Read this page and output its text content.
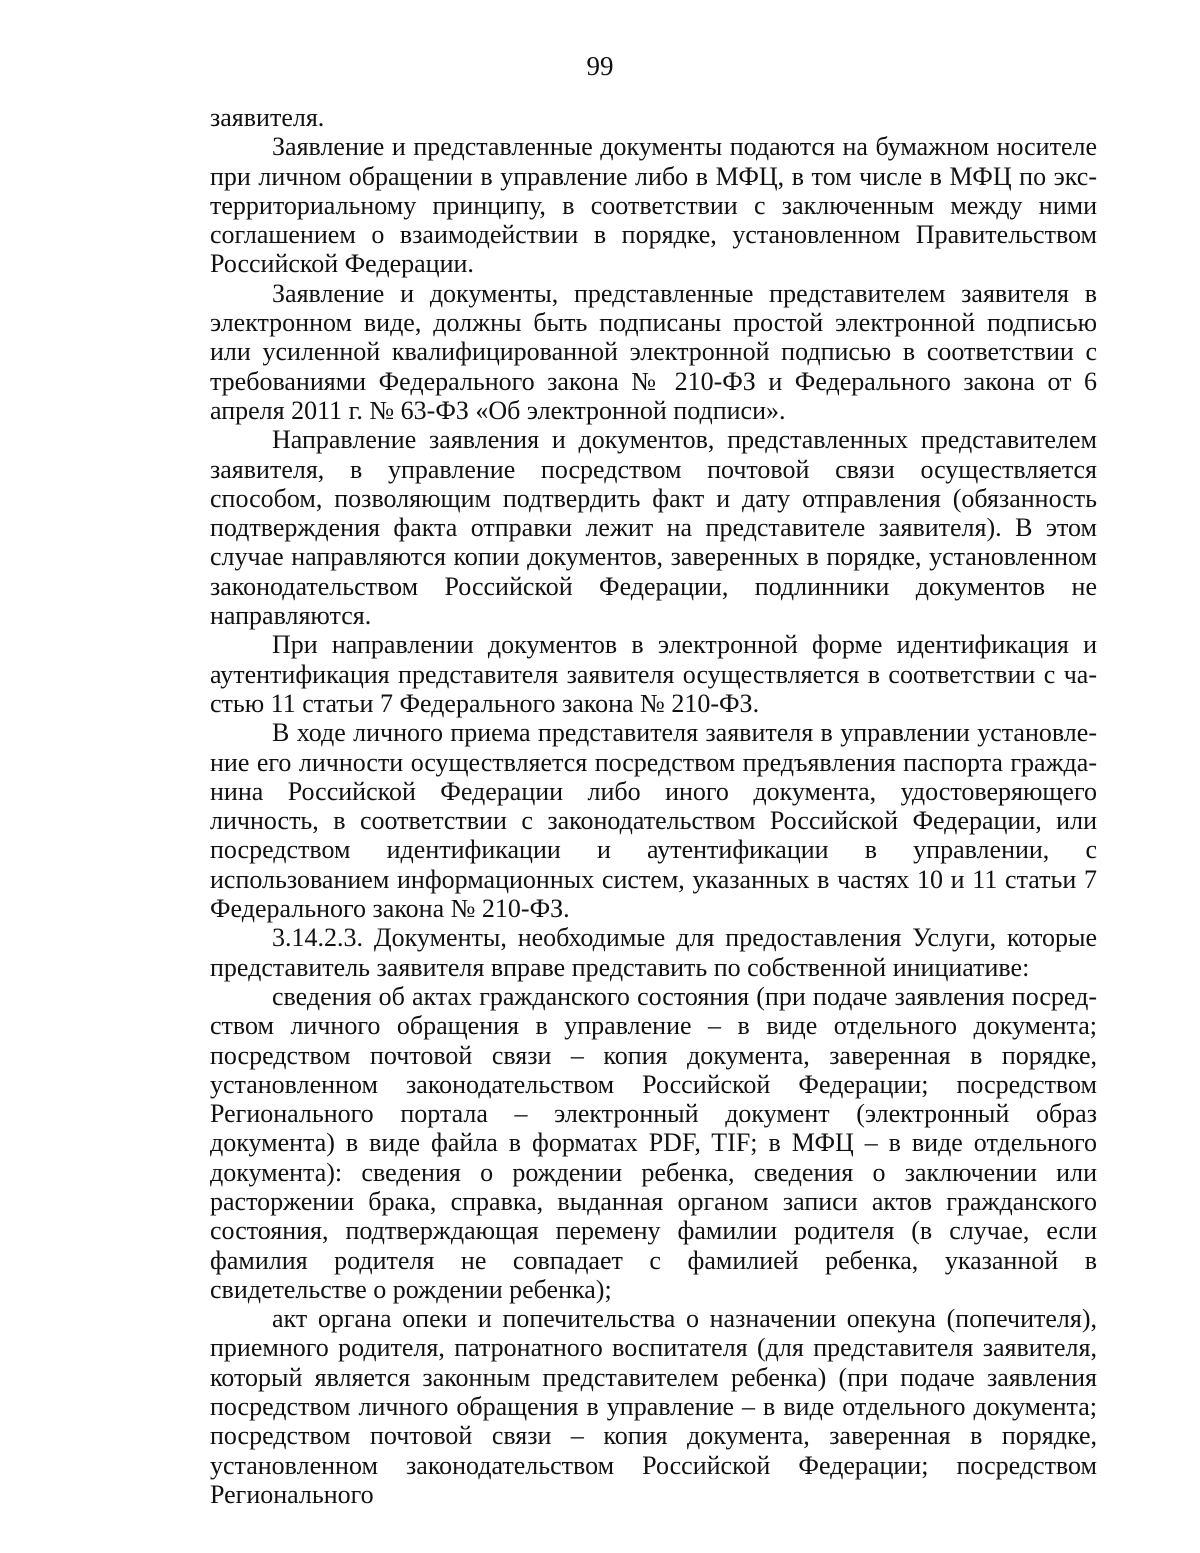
99

заявителя.

Заявление и представленные документы подаются на бумажном носителе при личном обращении в управление либо в МФЦ, в том числе в МФЦ по экстерриториальному принципу, в соответствии с заключенным между ними соглашением о взаимодействии в порядке, установленном Правительством Российской Федерации.

Заявление и документы, представленные представителем заявителя в электронном виде, должны быть подписаны простой электронной подписью или усиленной квалифицированной электронной подписью в соответствии с требованиями Федерального закона № 210-ФЗ и Федерального закона от 6 апреля 2011 г. № 63-ФЗ «Об электронной подписи».

Направление заявления и документов, представленных представителем заявителя, в управление посредством почтовой связи осуществляется способом, позволяющим подтвердить факт и дату отправления (обязанность подтверждения факта отправки лежит на представителе заявителя). В этом случае направляются копии документов, заверенных в порядке, установленном законодательством Российской Федерации, подлинники документов не направляются.

При направлении документов в электронной форме идентификация и аутентификация представителя заявителя осуществляется в соответствии с частью 11 статьи 7 Федерального закона № 210-ФЗ.

В ходе личного приема представителя заявителя в управлении установление его личности осуществляется посредством предъявления паспорта гражданина Российской Федерации либо иного документа, удостоверяющего личность, в соответствии с законодательством Российской Федерации, или посредством идентификации и аутентификации в управлении, с использованием информационных систем, указанных в частях 10 и 11 статьи 7 Федерального закона № 210-ФЗ.

3.14.2.3. Документы, необходимые для предоставления Услуги, которые представитель заявителя вправе представить по собственной инициативе:

сведения об актах гражданского состояния (при подаче заявления посредством личного обращения в управление – в виде отдельного документа; посредством почтовой связи – копия документа, заверенная в порядке, установленном законодательством Российской Федерации; посредством Регионального портала – электронный документ (электронный образ документа) в виде файла в форматах PDF, TIF; в МФЦ – в виде отдельного документа): сведения о рождении ребенка, сведения о заключении или расторжении брака, справка, выданная органом записи актов гражданского состояния, подтверждающая перемену фамилии родителя (в случае, если фамилия родителя не совпадает с фамилией ребенка, указанной в свидетельстве о рождении ребенка);

акт органа опеки и попечительства о назначении опекуна (попечителя), приемного родителя, патронатного воспитателя (для представителя заявителя, который является законным представителем ребенка) (при подаче заявления посредством личного обращения в управление – в виде отдельного документа; посредством почтовой связи – копия документа, заверенная в порядке, установленном законодательством Российской Федерации; посредством Регионального
